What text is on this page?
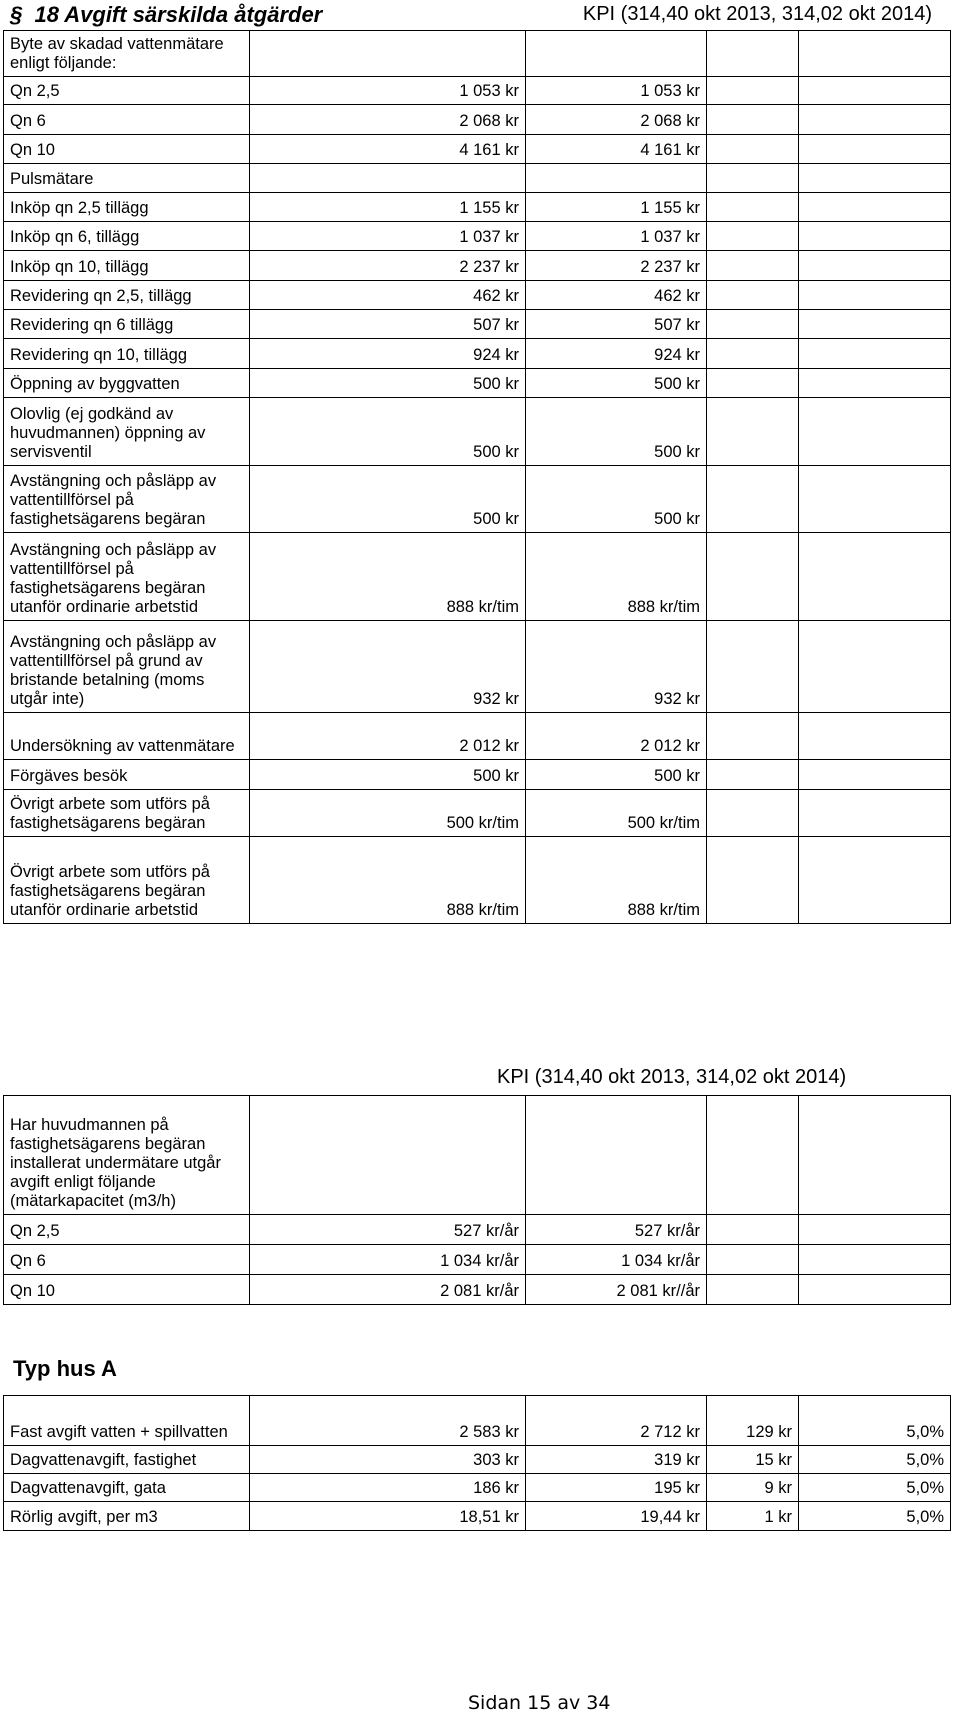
§ 18 Avgift särskilda åtgärder	KPI (314,40 okt 2013, 314,02 okt 2014)
Byte av skadad vattenmätare enligt följande:				
Qn 2,5	1 053 kr	1 053 kr		
Qn 6	2 068 kr	2 068 kr		
Qn 10	4 161 kr	4 161 kr		
Pulsmätare				
Inköp qn 2,5 tillägg	1 155 kr	1 155 kr		
Inköp qn 6, tillägg	1 037 kr	1 037 kr		
Inköp qn 10, tillägg	2 237 kr	2 237 kr		
Revidering qn 2,5, tillägg	462 kr	462 kr		
Revidering qn 6 tillägg	507 kr	507 kr		
Revidering qn 10, tillägg	924 kr	924 kr		
Öppning av byggvatten	500 kr	500 kr		
Olovlig (ej godkänd av huvudmannen) öppning av servisventil	500 kr	500 kr		
Avstängning och påsläpp av vattentillförsel på fastighetsägarens begäran	500 kr	500 kr		
Avstängning och påsläpp av vattentillförsel på fastighetsägarens begäran utanför ordinarie arbetstid	888 kr/tim	888 kr/tim		
Avstängning och påsläpp av vattentillförsel på grund av bristande betalning (moms utgår inte)	932 kr	932 kr		
Undersökning av vattenmätare	2 012 kr	2 012 kr		
Förgäves besök	500 kr	500 kr		
Övrigt arbete som utförs på fastighetsägarens begäran	500 kr/tim	500 kr/tim		
Övrigt arbete som utförs på fastighetsägarens begäran utanför ordinarie arbetstid	888 kr/tim	888 kr/tim		
KPI (314,40 okt 2013, 314,02 okt 2014)
Har huvudmannen på fastighetsägarens begäran installerat undermätare utgår avgift enligt följande (mätarkapacitet (m3/h)				
Qn 2,5	527 kr/år	527 kr/år		
Qn 6	1 034 kr/år	1 034 kr/år		
Qn 10	2 081 kr/år	2 081 kr//år		
Typ hus A
Fast avgift vatten + spillvatten	2 583 kr	2 712 kr	129 kr	5,0%
Dagvattenavgift, fastighet	303 kr	319 kr	15 kr	5,0%
Dagvattenavgift, gata	186 kr	195 kr	9 kr	5,0%
Rörlig avgift, per m3	18,51 kr	19,44 kr	1 kr	5,0%
Sidan 15 av 34
